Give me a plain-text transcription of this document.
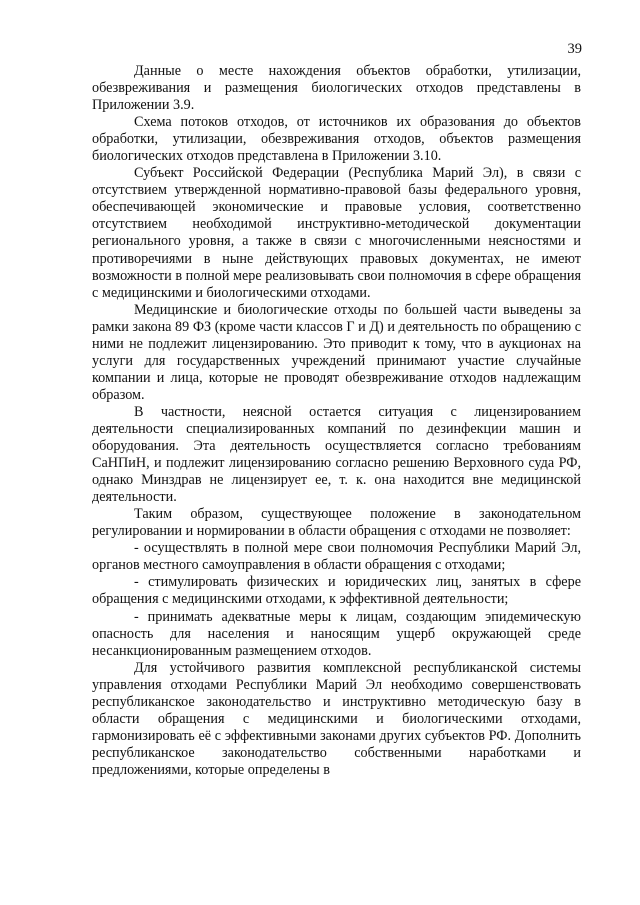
39

Данные о месте нахождения объектов обработки, утилизации, обезвреживания и размещения биологических отходов представлены в Приложении 3.9.

Схема потоков отходов, от источников их образования до объектов обработки, утилизации, обезвреживания отходов, объектов размещения биологических отходов представлена в Приложении 3.10.

Субъект Российской Федерации (Республика Марий Эл), в связи с отсутствием утвержденной нормативно-правовой базы федерального уровня, обеспечивающей экономические и правовые условия, соответственно отсутствием необходимой инструктивно-методической документации регионального уровня, а также в связи с многочисленными неясностями и противоречиями в ныне действующих правовых документах, не имеют возможности в полной мере реализовывать свои полномочия в сфере обращения с медицинскими и биологическими отходами.

Медицинские и биологические отходы по большей части выведены за рамки закона 89 ФЗ (кроме части классов Г и Д) и деятельность по обращению с ними не подлежит лицензированию. Это приводит к тому, что в аукционах на услуги для государственных учреждений принимают участие случайные компании и лица, которые не проводят обезвреживание отходов надлежащим образом.

В частности, неясной остается ситуация с лицензированием деятельности специализированных компаний по дезинфекции машин и оборудования. Эта деятельность осуществляется согласно требованиям СаНПиН, и подлежит лицензированию согласно решению Верховного суда РФ, однако Минздрав не лицензирует ее, т. к. она находится вне медицинской деятельности.

Таким образом, существующее положение в законодательном регулировании и нормировании в области обращения с отходами не позволяет:

- осуществлять в полной мере свои полномочия Республики Марий Эл, органов местного самоуправления в области обращения с отходами;

- стимулировать физических и юридических лиц, занятых в сфере обращения с медицинскими отходами, к эффективной деятельности;

- принимать адекватные меры к лицам, создающим эпидемическую опасность для населения и наносящим ущерб окружающей среде несанкционированным размещением отходов.

Для устойчивого развития комплексной республиканской системы управления отходами Республики Марий Эл необходимо совершенствовать республиканское законодательство и инструктивно методическую базу в области обращения с медицинскими и биологическими отходами, гармонизировать её с эффективными законами других субъектов РФ. Дополнить республиканское законодательство собственными наработками и предложениями, которые определены в
